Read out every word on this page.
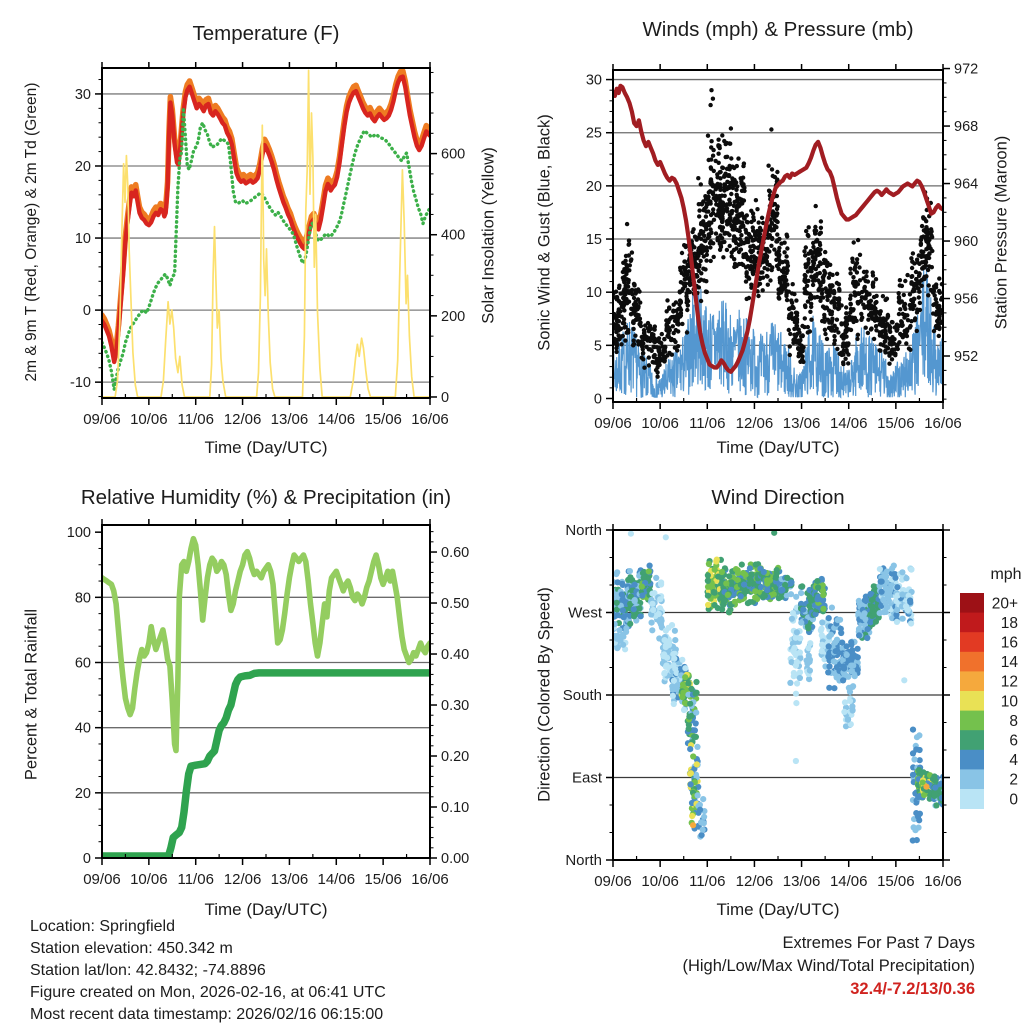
09/06 10/06 11/06 12/06 13/06 14/06 15/06 16/06
-10
0
10
20
30
0
200
400
600
09/06 10/06 11/06 12/06 13/06 14/06 15/06 16/06
0
5
10
15
20
25
30
952
956
960
964
968
972
09/06 10/06 11/06 12/06 13/06 14/06 15/06 16/06
0
20
40
60
80
100
0.00
0.10
0.20
0.30
0.40
0.50
0.60
09/06 10/06 11/06 12/06 13/06 14/06 15/06 16/06
North
East
South
West
North
20+
18
16
14
12
10
8
6
4
2
0
Temperature (F)	Winds (mph) & Pressure (mb)
Relative Humidity (%) & Precipitation (in)	Wind Direction
Time (Day/UTC)	Time (Day/UTC)
Time (Day/UTC)	Time (Day/UTC)
2m & 9m T (Red, Orange) & 2m Td (Green)	Solar Insolation (Yellow) Sonic Wind & Gust (Blue, Black)	Station Pressure (Maroon)
Percent & Total Rainfall	Direction (Colored By Speed)
mph
Location: Springfield
Station elevation: 450.342 m
Station lat/lon: 42.8432; -74.8896
Figure created on Mon, 2026-02-16, at 06:41 UTC
Most recent data timestamp: 2026/02/16 06:15:00
Extremes For Past 7 Days
(High/Low/Max Wind/Total Precipitation)
32.4/-7.2/13/0.36
